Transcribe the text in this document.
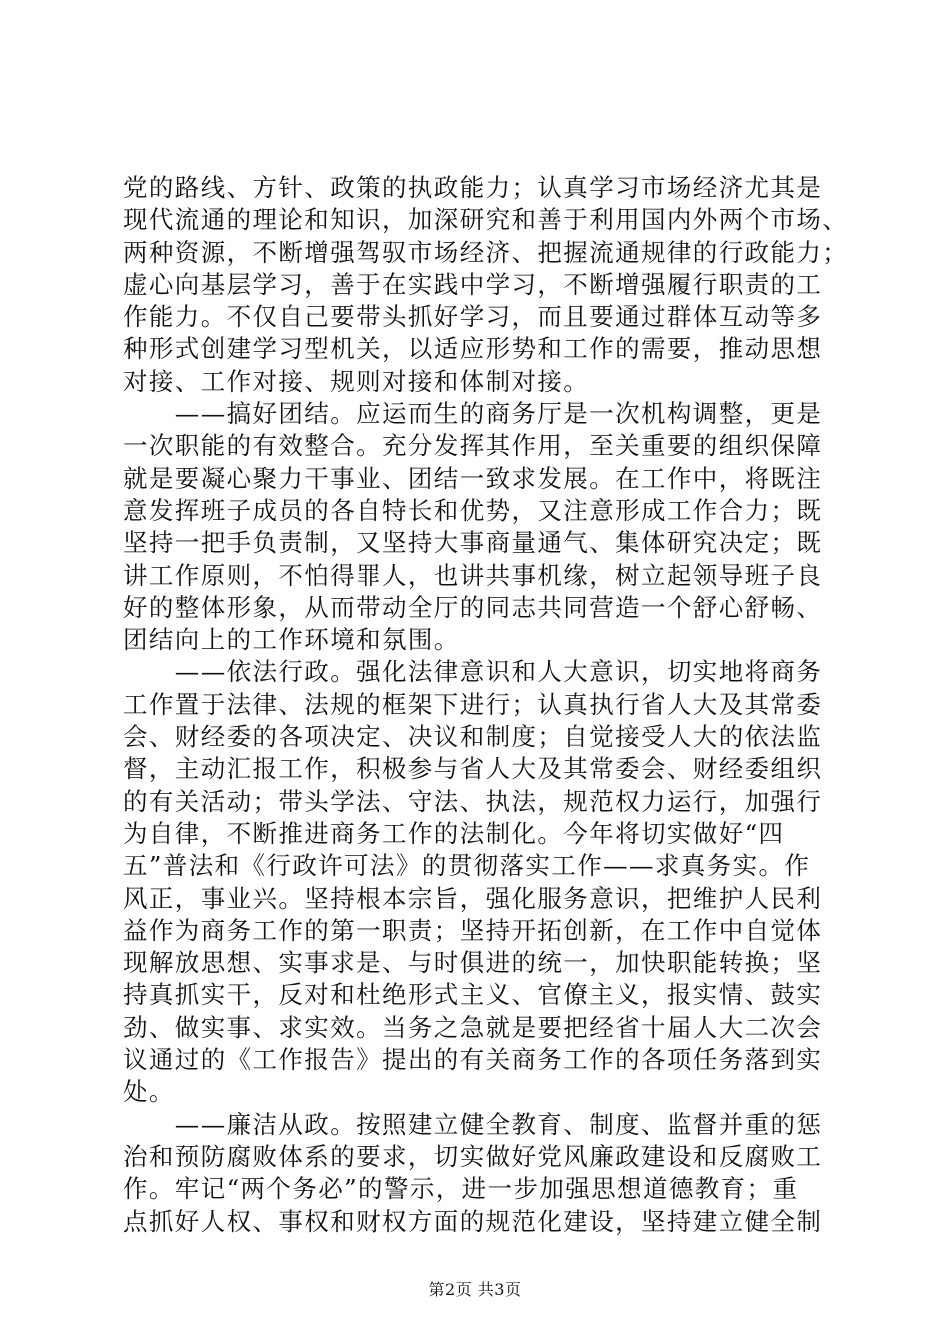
党的路线、方针、政策的执政能力；认真学习市场经济尤其是
现代流通的理论和知识，加深研究和善于利用国内外两个市场、
两种资源，不断增强驾驭市场经济、把握流通规律的行政能力；
虚心向基层学习，善于在实践中学习，不断增强履行职责的工
作能力。不仅自己要带头抓好学习，而且要通过群体互动等多
种形式创建学习型机关，以适应形势和工作的需要，推动思想
对接、工作对接、规则对接和体制对接。
　　——搞好团结。应运而生的商务厅是一次机构调整，更是
一次职能的有效整合。充分发挥其作用，至关重要的组织保障
就是要凝心聚力干事业、团结一致求发展。在工作中，将既注
意发挥班子成员的各自特长和优势，又注意形成工作合力；既
坚持一把手负责制，又坚持大事商量通气、集体研究决定；既
讲工作原则，不怕得罪人，也讲共事机缘，树立起领导班子良
好的整体形象，从而带动全厅的同志共同营造一个舒心舒畅、
团结向上的工作环境和氛围。
　　——依法行政。强化法律意识和人大意识，切实地将商务
工作置于法律、法规的框架下进行；认真执行省人大及其常委
会、财经委的各项决定、决议和制度；自觉接受人大的依法监
督，主动汇报工作，积极参与省人大及其常委会、财经委组织
的有关活动；带头学法、守法、执法，规范权力运行，加强行
为自律，不断推进商务工作的法制化。今年将切实做好“四
五”普法和《行政许可法》的贯彻落实工作——求真务实。作
风正，事业兴。坚持根本宗旨，强化服务意识，把维护人民利
益作为商务工作的第一职责；坚持开拓创新，在工作中自觉体
现解放思想、实事求是、与时俱进的统一，加快职能转换；坚
持真抓实干，反对和杜绝形式主义、官僚主义，报实情、鼓实
劲、做实事、求实效。当务之急就是要把经省十届人大二次会
议通过的《工作报告》提出的有关商务工作的各项任务落到实
处。
　　——廉洁从政。按照建立健全教育、制度、监督并重的惩
治和预防腐败体系的要求，切实做好党风廉政建设和反腐败工
作。牢记“两个务必”的警示，进一步加强思想道德教育；重
点抓好人权、事权和财权方面的规范化建设，坚持建立健全制
第2页 共3页
